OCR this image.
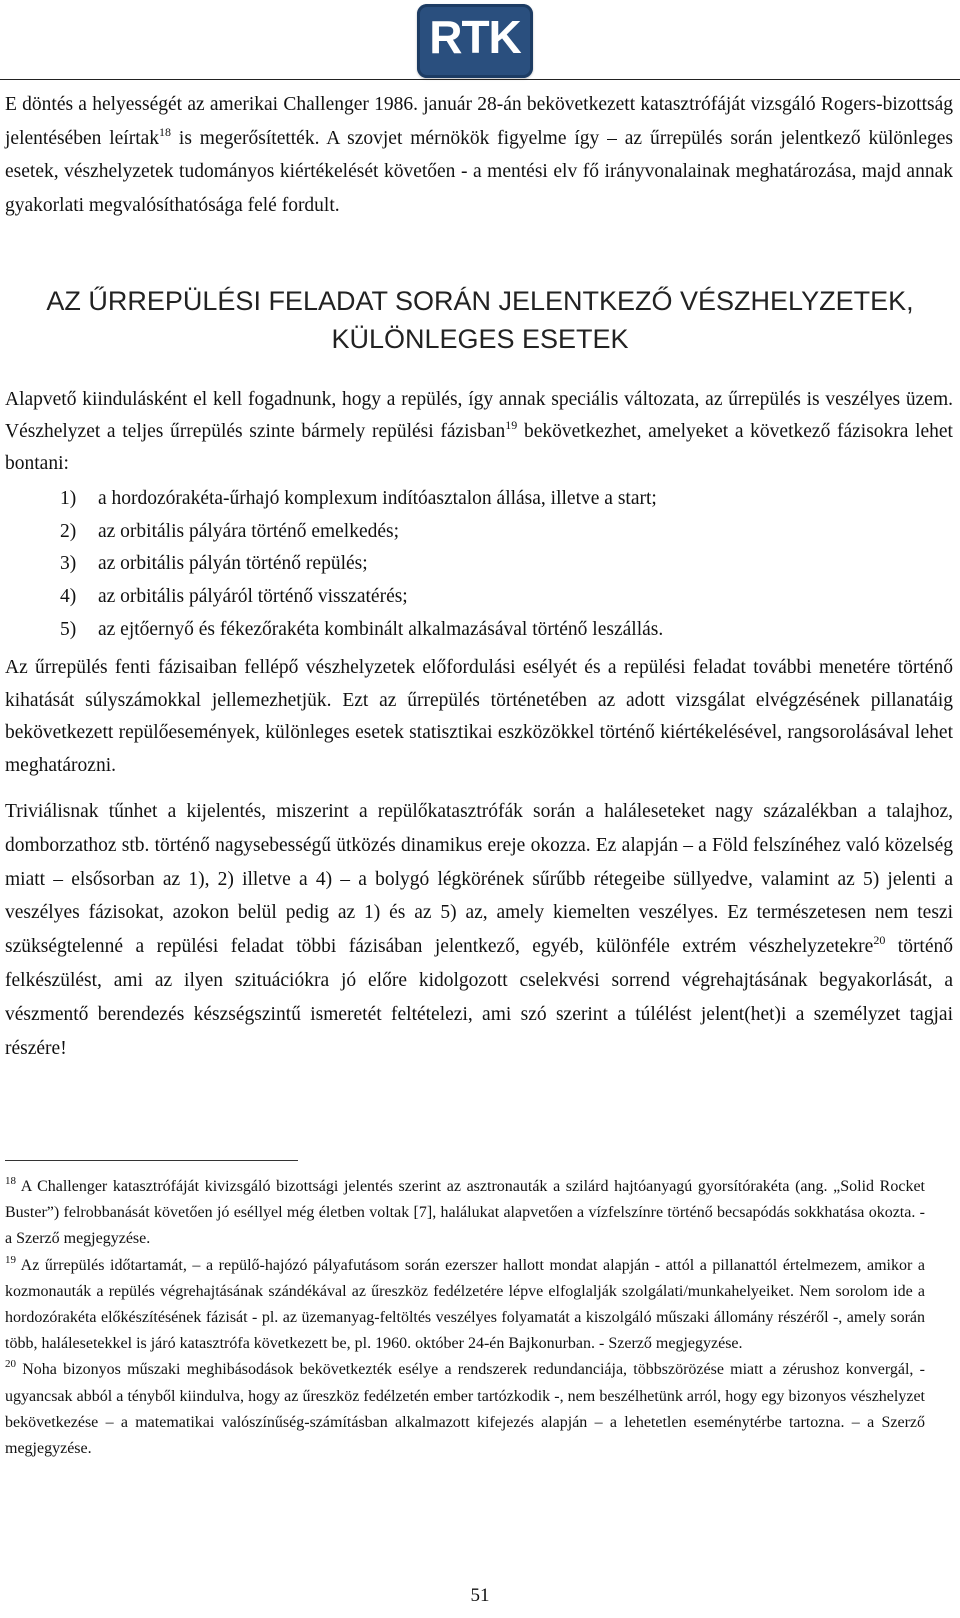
RTK
E döntés a helyességét az amerikai Challenger 1986. január 28-án bekövetkezett katasztrófáját vizsgáló Rogers-bizottság jelentésében leírtak$^{18}$ is megerősítették. A szovjet mérnökök figyelme így – az űrrepülés során jelentkező különleges esetek, vészhelyzetek tudományos kiértékelését követően - a mentési elv fő irányvonalainak meghatározása, majd annak gyakorlati megvalósíthatósága felé fordult.
AZ ŰRREPÜLÉSI FELADAT SORÁN JELENTKEZŐ VÉSZHELYZETEK,
KÜLÖNLEGES ESETEK
Alapvető kiindulásként el kell fogadnunk, hogy a repülés, így annak speciális változata, az űrrepülés is veszélyes üzem. Vészhelyzet a teljes űrrepülés szinte bármely repülési fázisban$^{19}$ bekövetkezhet, amelyeket a következő fázisokra lehet bontani:
1) a hordozórakéta-űrhajó komplexum indítóasztalon állása, illetve a start;
2) az orbitális pályára történő emelkedés;
3) az orbitális pályán történő repülés;
4) az orbitális pályáról történő visszatérés;
5) az ejtőernyő és fékezőrakéta kombinált alkalmazásával történő leszállás.
Az űrrepülés fenti fázisaiban fellépő vészhelyzetek előfordulási esélyét és a repülési feladat további menetére történő kihatását súlyszámokkal jellemezhetjük. Ezt az űrrepülés történetében az adott vizsgálat elvégzésének pillanatáig bekövetkezett repülőesemények, különleges esetek statisztikai eszközökkel történő kiértékelésével, rangsorolásával lehet meghatározni.
Triviálisnak tűnhet a kijelentés, miszerint a repülőkatasztrófák során a haláleseteket nagy százalékban a talajhoz, domborzathoz stb. történő nagysebességű ütközés dinamikus ereje okozza. Ez alapján – a Föld felszínéhez való közelség miatt – elsősorban az 1), 2) illetve a 4) – a bolygó légkörének sűrűbb rétegeibe süllyedve, valamint az 5) jelenti a veszélyes fázisokat, azokon belül pedig az 1) és az 5) az, amely kiemelten veszélyes. Ez természetesen nem teszi szükségtelenné a repülési feladat többi fázisában jelentkező, egyéb, különféle extrém vészhelyzetekre$^{20}$ történő felkészülést, ami az ilyen szituációkra jó előre kidolgozott cselekvési sorrend végrehajtásának begyakorlását, a vészmentő berendezés készségszintű ismeretét feltételezi, ami szó szerint a túlélést jelent(het)i a személyzet tagjai részére!

$^{18}$ A Challenger katasztrófáját kivizsgáló bizottsági jelentés szerint az asztronauták a szilárd hajtóanyagú gyorsítórakéta (ang. „Solid Rocket Buster”) felrobbanását követően jó eséllyel még életben voltak [7], halálukat alapvetően a vízfelszínre történő becsapódás sokkhatása okozta. - a Szerző megjegyzése.

$^{19}$ Az űrrepülés időtartamát, – a repülő-hajózó pályafutásom során ezerszer hallott mondat alapján - attól a pillanattól értelmezem, amikor a kozmonauták a repülés végrehajtásának szándékával az űreszköz fedélzetére lépve elfoglalják szolgálati/munkahelyeiket. Nem sorolom ide a hordozórakéta előkészítésének fázisát - pl. az üzemanyag-feltöltés veszélyes folyamatát a kiszolgáló műszaki állomány részéről -, amely során több, halálesetekkel is járó katasztrófa következett be, pl. 1960. október 24-én Bajkonurban. - Szerző megjegyzése.

$^{20}$ Noha bizonyos műszaki meghibásodások bekövetkezték esélye a rendszerek redundanciája, többszörözése miatt a zérushoz konvergál, - ugyancsak abból a tényből kiindulva, hogy az űreszköz fedélzetén ember tartózkodik -, nem beszélhetünk arról, hogy egy bizonyos vészhelyzet bekövetkezése – a matematikai valószínűség-számításban alkalmazott kifejezés alapján – a lehetetlen eseménytérbe tartozna. – a Szerző megjegyzése.

51
